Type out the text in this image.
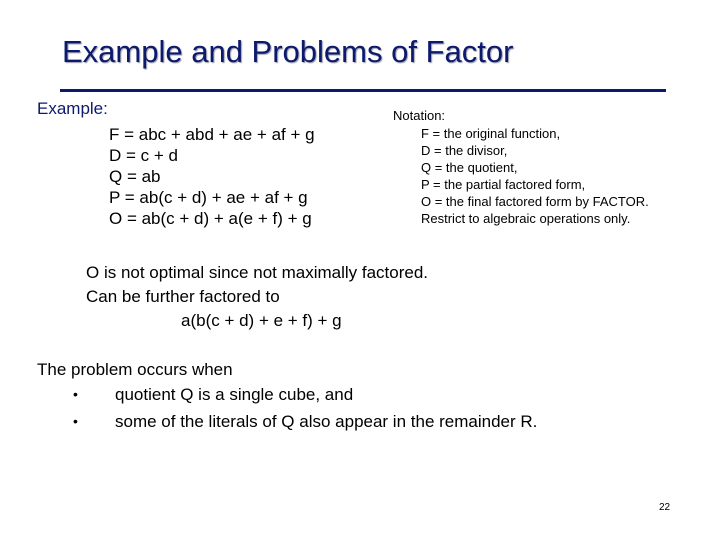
Example and Problems of Factor
Example:
F = abc + abd + ae + af + g
D = c + d
Q = ab
P = ab(c + d) + ae + af + g
O = ab(c + d) + a(e + f) + g
Notation:
F = the original function,
D = the divisor,
Q = the quotient,
P = the partial factored form,
O = the final factored form by FACTOR.
Restrict to algebraic operations only.
O is not optimal since not maximally factored.
Can be further factored to
a(b(c + d) + e + f) + g
The problem occurs when
• quotient Q is a single cube, and
• some of the literals of Q also appear in the remainder R.
22
